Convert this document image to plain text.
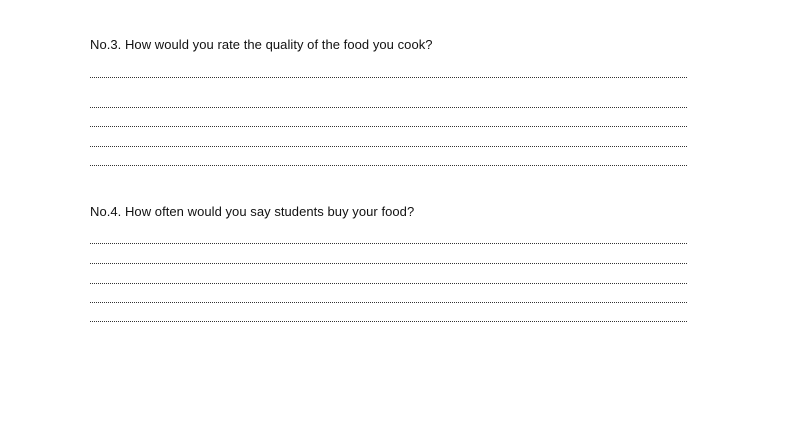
No.3. How would you rate the quality of the food you cook?
No.4. How often would you say students buy your food?
